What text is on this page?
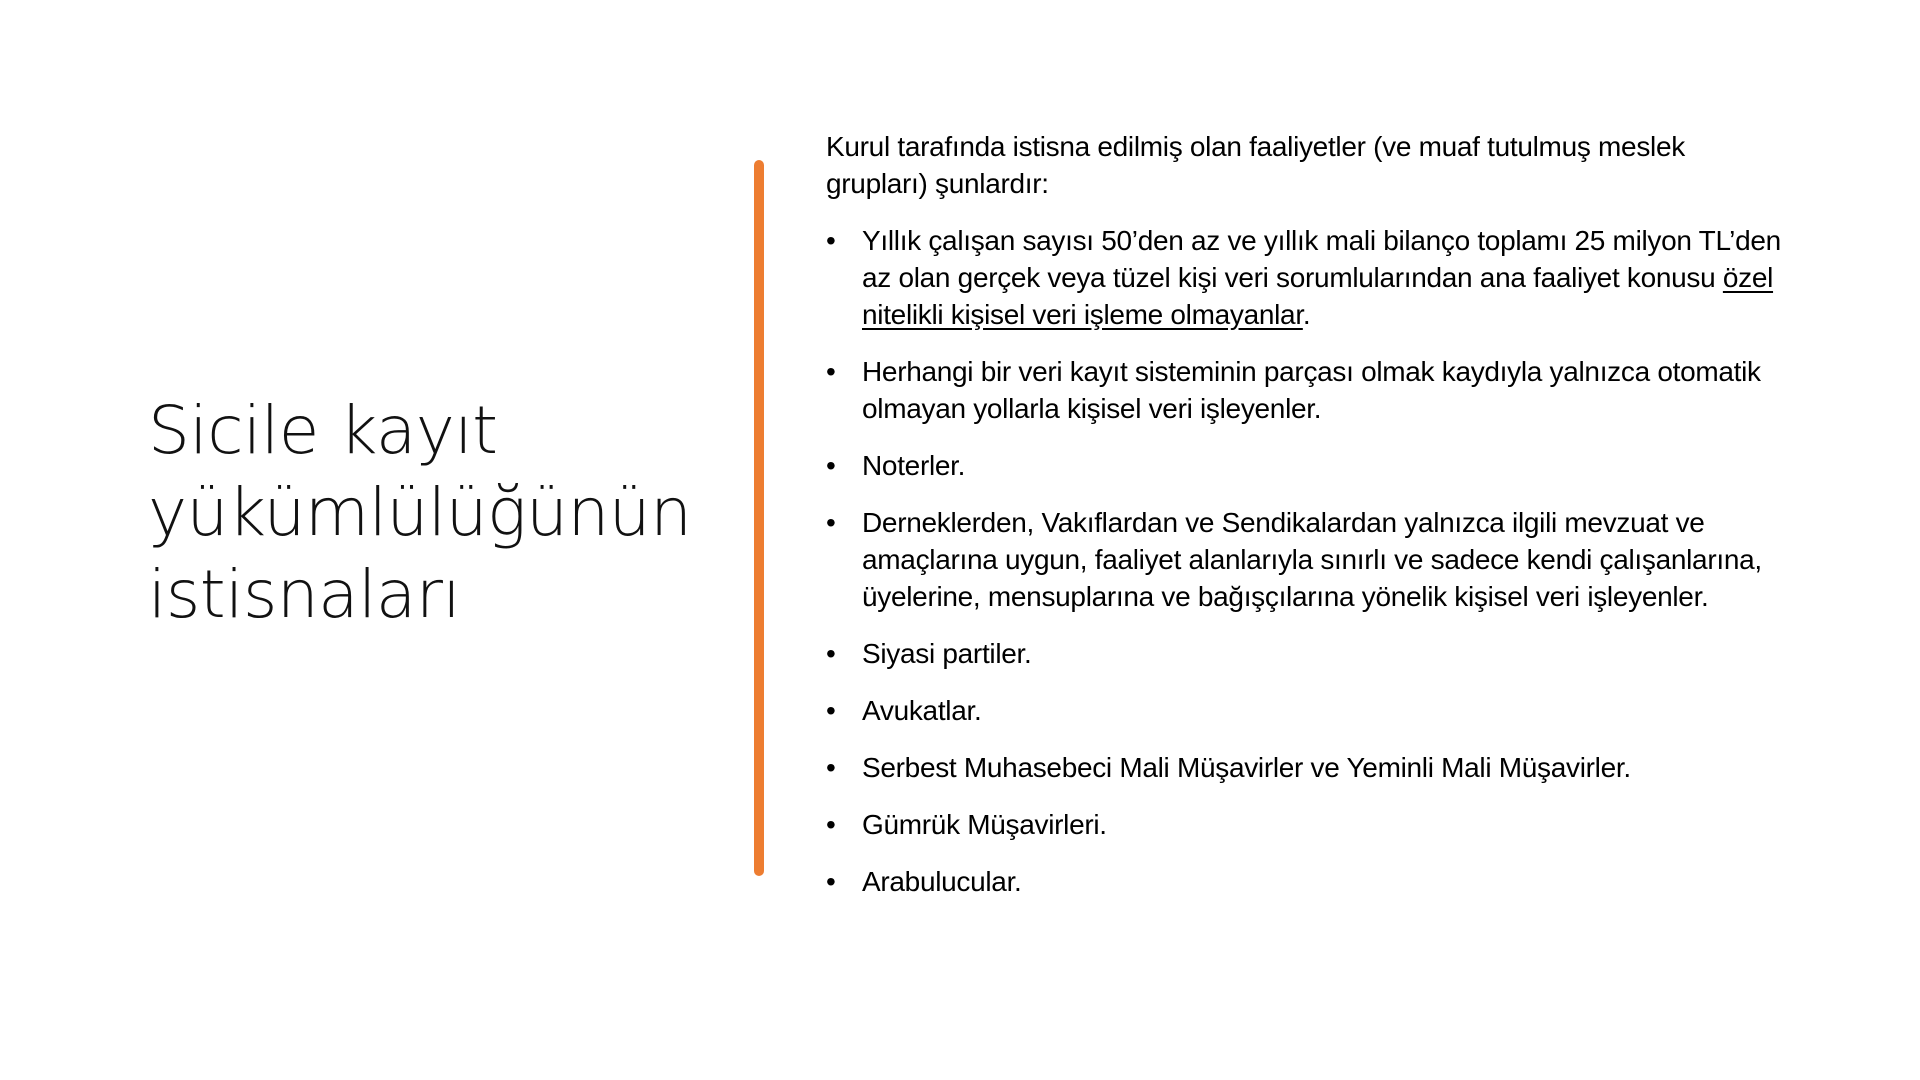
Sicile kayıt
yükümlülüğünün
istisnaları

Kurul tarafında istisna edilmiş olan faaliyetler (ve muaf tutulmuş meslek grupları) şunlardır:

• Yıllık çalışan sayısı 50’den az ve yıllık mali bilanço toplamı 25 milyon TL’den az olan gerçek veya tüzel kişi veri sorumlularından ana faaliyet konusu özel nitelikli kişisel veri işleme olmayanlar.
• Herhangi bir veri kayıt sisteminin parçası olmak kaydıyla yalnızca otomatik olmayan yollarla kişisel veri işleyenler.
• Noterler.
• Derneklerden, Vakıflardan ve Sendikalardan yalnızca ilgili mevzuat ve amaçlarına uygun, faaliyet alanlarıyla sınırlı ve sadece kendi çalışanlarına, üyelerine, mensuplarına ve bağışçılarına yönelik kişisel veri işleyenler.
• Siyasi partiler.
• Avukatlar.
• Serbest Muhasebeci Mali Müşavirler ve Yeminli Mali Müşavirler.
• Gümrük Müşavirleri.
• Arabulucular.
